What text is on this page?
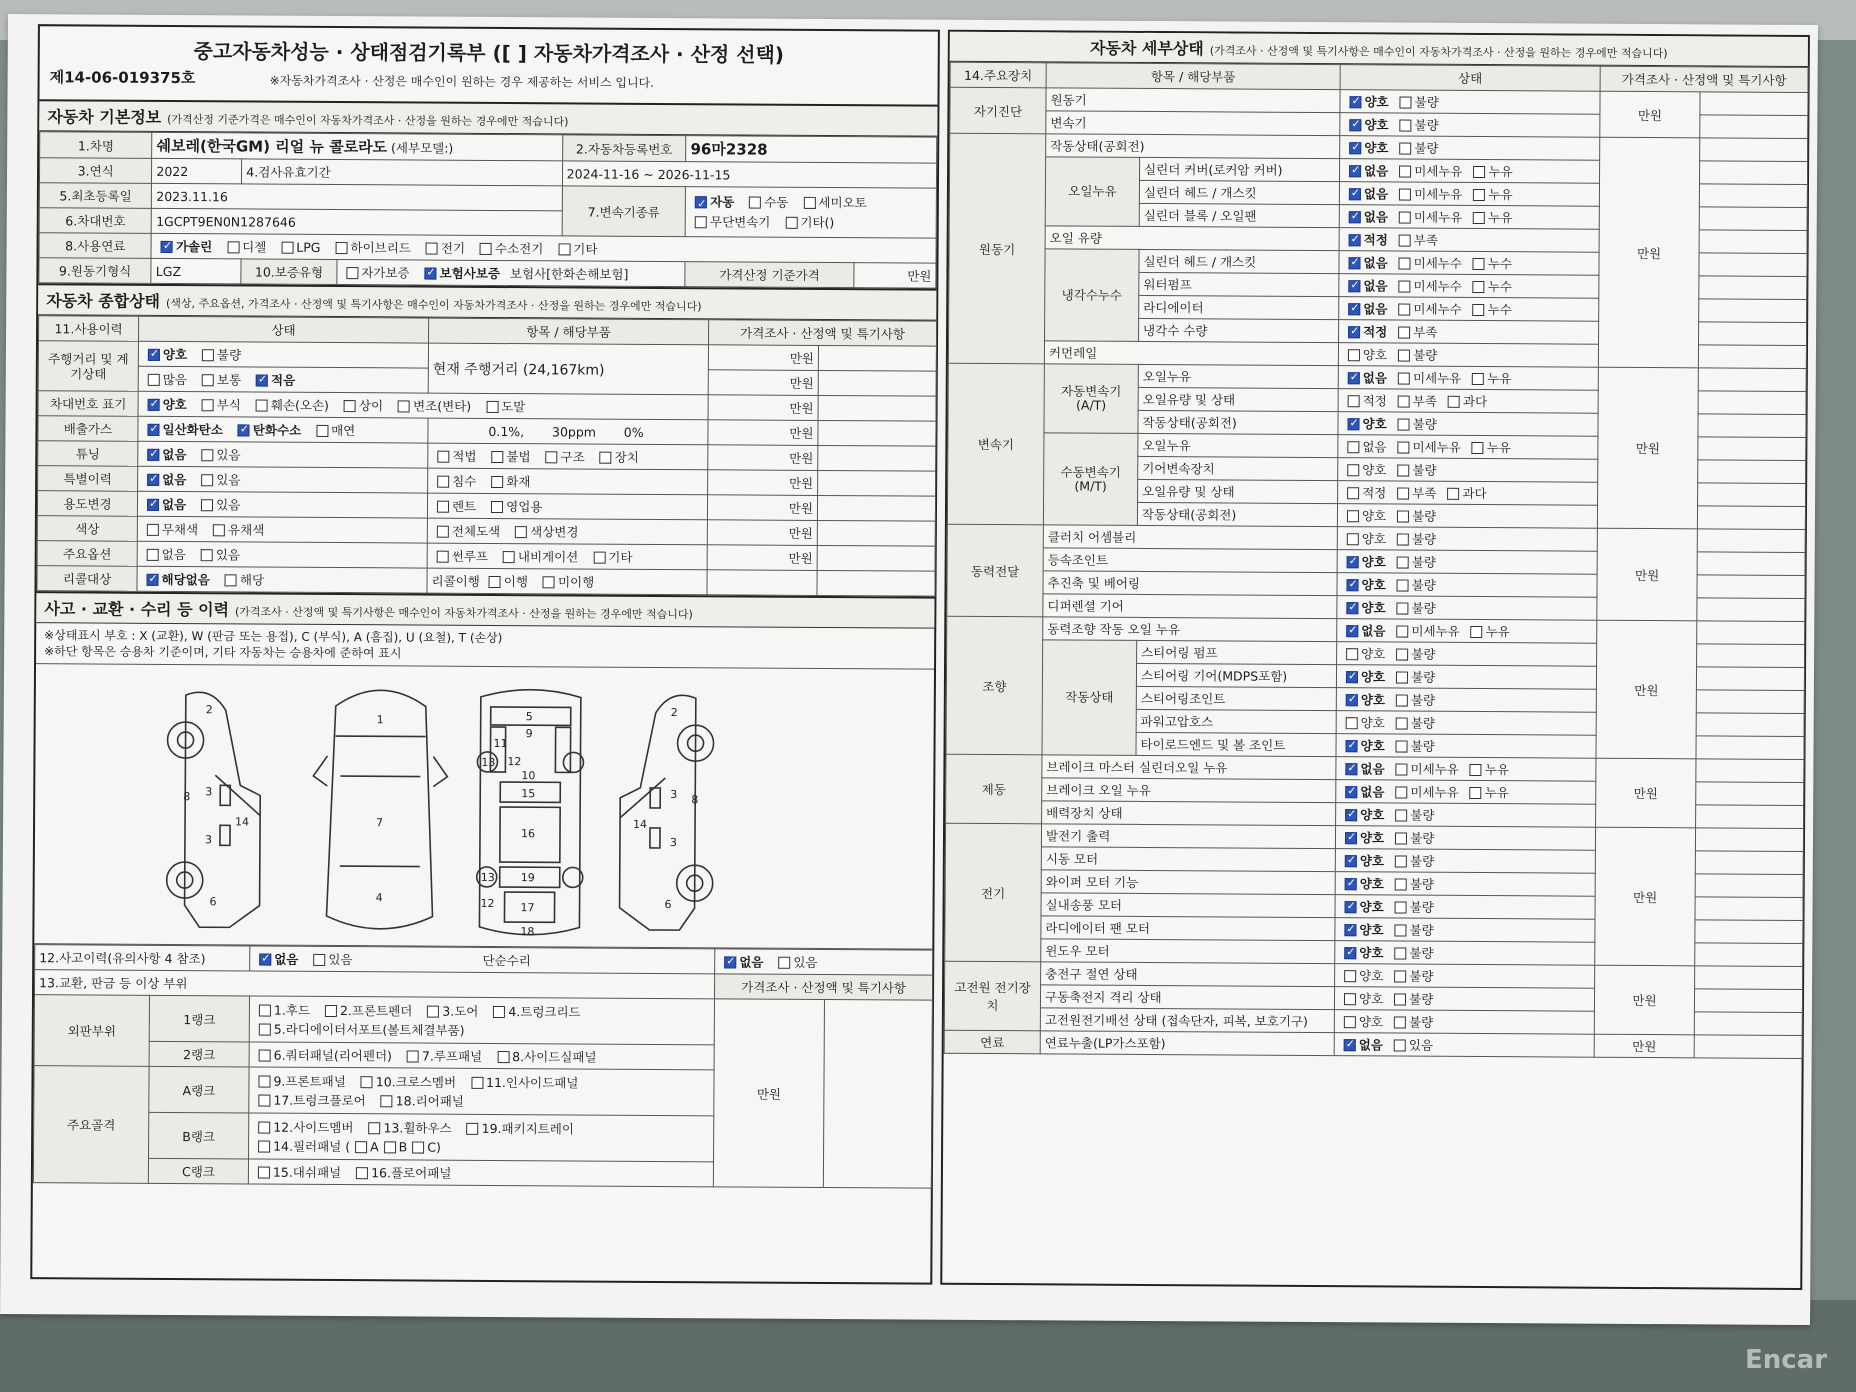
중고자동차성능 · 상태점검기록부 ([ ] 자동차가격조사 · 산정 선택)
제14-06-019375호	※자동차가격조사 · 산정은 매수인이 원하는 경우 제공하는 서비스 입니다.
자동차 기본정보 (가격산정 기준가격은 매수인이 자동차가격조사 · 산정을 원하는 경우에만 적습니다)
1.차명	쉐보레(한국GM) 리얼 뉴 콜로라도 (세부모델:)			2.자동차등록번호	96마2328	
3.연식	2022	4.검사유효기간		2024-11-16 ~ 2026-11-15		
5.최초등록일	2023.11.16			7.변속기종류	✓자동 수동 세미오토
무단변속기 기타()
6.차대번호	1GCPT9EN0N1287646					
8.사용연료	✓가솔린 디젤 LPG 하이브리드 전기 수소전기 기타
9.원동기형식	LGZ	10.보증유형	자가보증 ✓ 보험사보증 보험사[한화손해보험]		가격산정 기준가격	만원
자동차 종합상태 (색상, 주요옵션, 가격조사 · 산정액 및 특기사항은 매수인이 자동차가격조사 · 산정을 원하는 경우에만 적습니다)
11.사용이력	상태	항목 / 해당부품	가격조사 · 산정액 및 특기사항	
주행거리 및 계기상태	✓양호 불량	현재 주행거리 (24,167km)	만원	
	많음 보통 ✓ 적음		만원	
차대번호 표기	✓양호 부식 훼손(오손) 상이 변조(변타) 도말		만원	
배출가스	✓일산화탄소 ✓ 탄화수소 매연	0.1%, 30ppm 0%	만원	
튜닝	✓없음 있음	적법 불법 구조 장치	만원	
특별이력	✓없음 있음	침수 화재	만원	
용도변경	✓없음 있음	렌트 영업용	만원	
색상	무채색 유채색	전체도색 색상변경	만원	
주요옵션	없음 있음	썬루프 내비게이션 기타	만원	
리콜대상	✓해당없음 해당	리콜이행 이행 미이행		
사고 · 교환 · 수리 등 이력 (가격조사 · 산정액 및 특기사항은 매수인이 자동차가격조사 · 산정을 원하는 경우에만 적습니다)
※상태표시 부호 : X (교환), W (판금 또는 용접), C (부식), A (흠집), U (요철), T (손상)
※하단 항목은 승용차 기준이며, 기타 자동차는 승용차에 준하여 표시
2
8 3
3
14
6
1
7
4
5
9
11
12
13
10
15
16
19
13
12 17
18
2
3 8
14
3
6
12.사고이력(유의사항 4 참조)	✓없음 있음 단순수리	✓없음 있음
13.교환, 판금 등 이상 부위			가격조사 · 산정액 및 특기사항	
외판부위	1랭크	1.후드 2.프론트펜더 3.도어 4.트렁크리드
5.라디에이터서포트(볼트체결부품)	만원	
	2랭크	6.쿼터패널(리어펜더) 7.루프패널 8.사이드실패널		
주요골격	A랭크	9.프론트패널 10.크로스멤버 11.인사이드패널
17.트렁크플로어 18.리어패널		
	B랭크	12.사이드멤버 13.휠하우스 19.패키지트레이
14.필러패널 ( A B C)		
	C랭크	15.대쉬패널 16.플로어패널		
자동차 세부상태 (가격조사 · 산정액 및 특기사항은 매수인이 자동차가격조사 · 산정을 원하는 경우에만 적습니다)
14.주요장치	항목 / 해당부품		상태	가격조사 · 산정액 및 특기사항	
자기진단	원동기	✓양호 불량	만원	
	변속기	✓양호 불량	
원동기	작동상태(공회전)	✓양호 불량	만원	
	오일누유	실린더 커버(로커암 커버)	✓없음 미세누유 누유	
		실린더 헤드 / 개스킷	✓없음 미세누유 누유	
		실린더 블록 / 오일팬	✓없음 미세누유 누유	
	오일 유량	✓적정 부족	
	냉각수누수	실린더 헤드 / 개스킷	✓없음 미세누수 누수	
		워터펌프	✓없음 미세누수 누수	
		라디에이터	✓없음 미세누수 누수	
		냉각수 수량	✓적정 부족	
	커먼레일		양호 불량		
변속기	자동변속기 (A/T)	오일누유	✓없음 미세누유 누유	만원	
		오일유량 및 상태	적정 부족 과다		
		작동상태(공회전)	✓양호 불량	
	수동변속기 (M/T)	오일누유	없음 미세누유 누유		
		기어변속장치	양호 불량		
		오일유량 및 상태	적정 부족 과다		
		작동상태(공회전)	양호 불량		
동력전달	클러치 어셈블리		양호 불량	만원	
	등속조인트	✓양호 불량	
	추진축 및 베어링	✓양호 불량	
	디퍼렌셜 기어	✓양호 불량	
조향	동력조향 작동 오일 누유	✓없음 미세누유 누유	만원	
	작동상태	스티어링 펌프	양호 불량		
		스티어링 기어(MDPS포함)	✓양호 불량	
		스티어링조인트	✓양호 불량	
		파워고압호스	양호 불량		
		타이로드엔드 및 볼 조인트	✓양호 불량	
제동	브레이크 마스터 실린더오일 누유	✓없음 미세누유 누유	만원	
	브레이크 오일 누유	✓없음 미세누유 누유	
	배력장치 상태	✓양호 불량	
전기	발전기 출력	✓양호 불량	만원	
	시동 모터	✓양호 불량	
	와이퍼 모터 기능	✓양호 불량	
	실내송풍 모터	✓양호 불량	
	라디에이터 팬 모터	✓양호 불량	
	윈도우 모터	✓양호 불량	
고전원 전기장치	충전구 절연 상태		양호 불량	만원	
	구동축전지 격리 상태		양호 불량		
	고전원전기배선 상태 (접속단자, 피복, 보호기구)		양호 불량		
연료	연료누출(LP가스포함)	✓없음 있음	만원	
Encar
